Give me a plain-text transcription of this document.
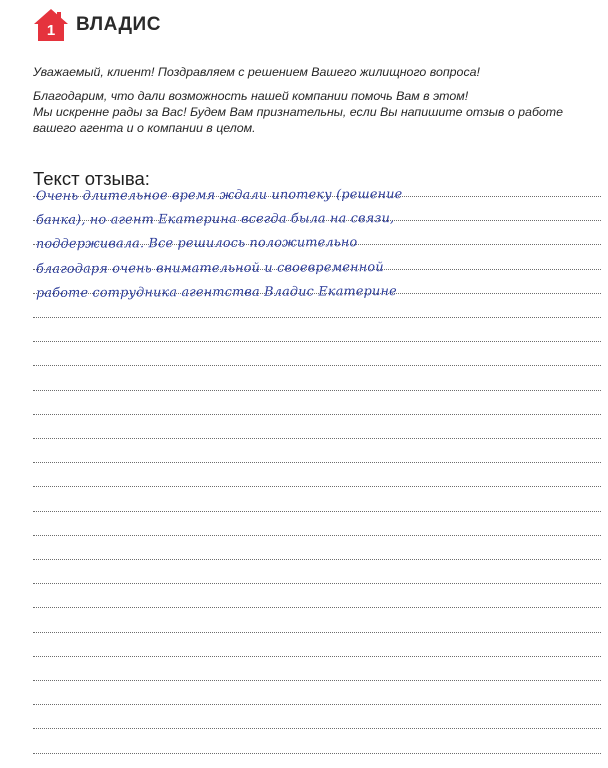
1 ВЛАДИС

Уважаемый, клиент! Поздравляем с решением Вашего жилищного вопроса!

Благодарим, что дали возможность нашей компании помочь Вам в этом!

Мы искренне рады за Вас! Будем Вам признательны, если Вы напишите отзыв о работе

вашего агента и о компании в целом.

Текст отзыва:
Очень длительное время ждали ипотеку (решение
банка), но агент Екатерина всегда была на связи,
поддерживала. Все решилось положительно
благодаря очень внимательной и своевременной
работе сотрудника агентства Владис Екатерине
